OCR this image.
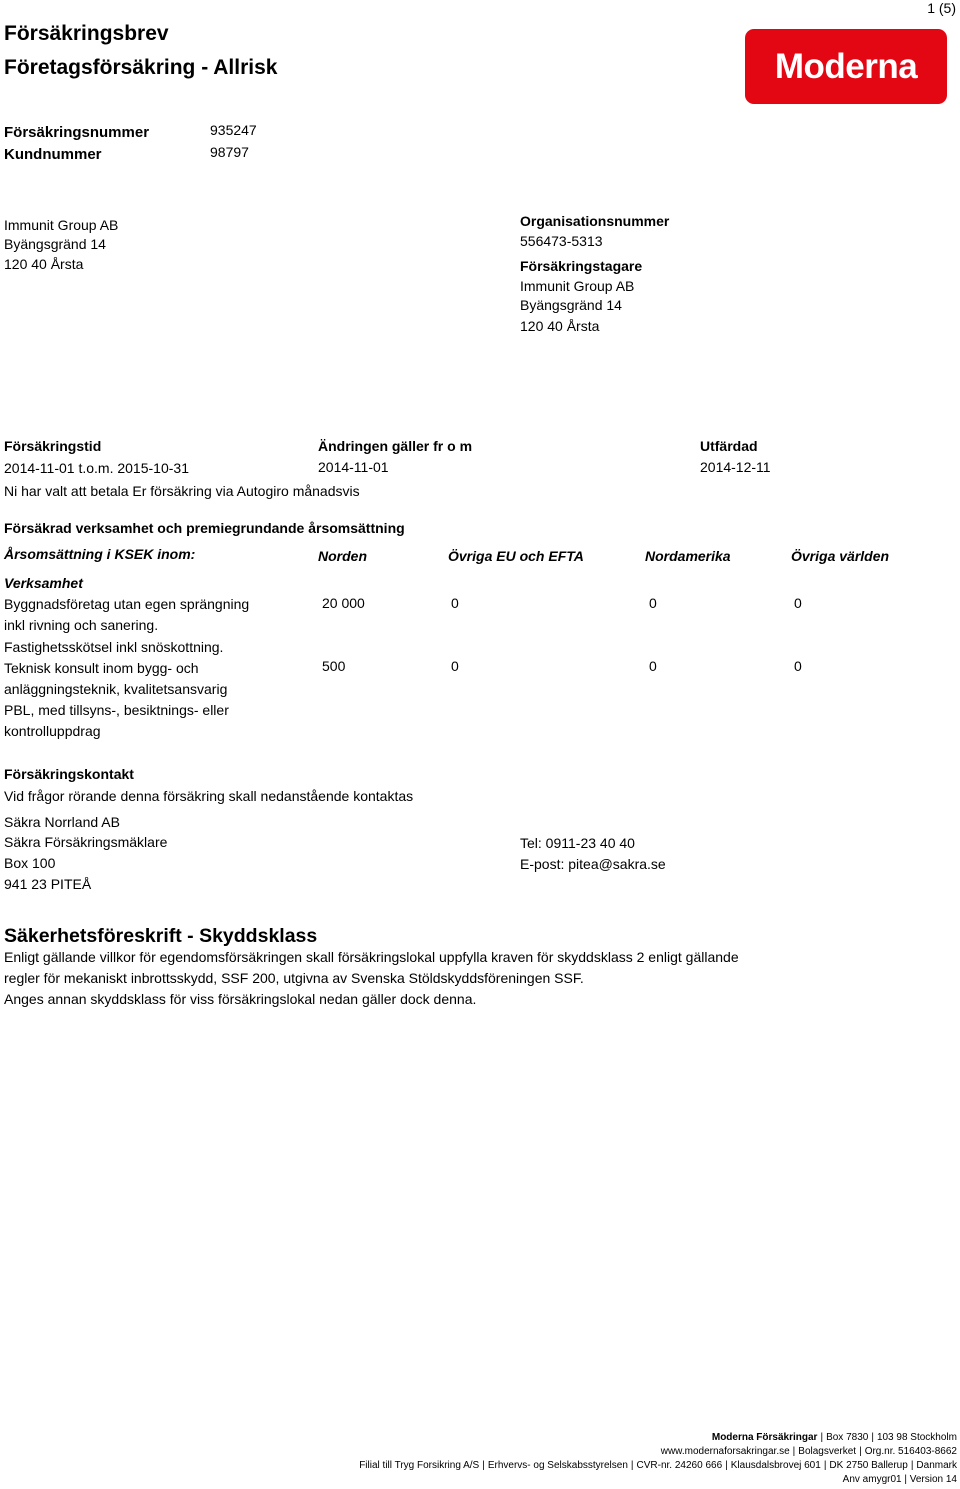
1 (5)
Försäkringsbrev
Företagsförsäkring - Allrisk	Moderna
Försäkringsnummer	935247
Kundnummer	98797
Immunit Group AB
Byängsgränd 14
120 40 Årsta
Organisationsnummer
556473-5313
Försäkringstagare
Immunit Group AB
Byängsgränd 14
120 40 Årsta
Försäkringstid
2014-11-01 t.o.m. 2015-10-31
Ändringen gäller fr o m
2014-11-01
Utfärdad
2014-12-11
Ni har valt att betala Er försäkring via Autogiro månadsvis
Försäkrad verksamhet och premiegrundande årsomsättning
Årsomsättning i KSEK inom:	Norden	Övriga EU och EFTA	Nordamerika	Övriga världen
Verksamhet
Byggnadsföretag utan egen sprängning
inkl rivning och sanering.
20 000	0	0	0
Fastighetsskötsel inkl snöskottning.
Teknisk konsult inom bygg- och
anläggningsteknik, kvalitetsansvarig
PBL, med tillsyns-, besiktnings- eller
kontrolluppdrag
500	0	0	0
Försäkringskontakt
Vid frågor rörande denna försäkring skall nedanstående kontaktas
Säkra Norrland AB
Säkra Försäkringsmäklare
Box 100
941 23 PITEÅ
Tel: 0911-23 40 40
E-post: pitea@sakra.se
Säkerhetsföreskrift - Skyddsklass
Enligt gällande villkor för egendomsförsäkringen skall försäkringslokal uppfylla kraven för skyddsklass 2 enligt gällande
regler för mekaniskt inbrottsskydd, SSF 200, utgivna av Svenska Stöldskyddsföreningen SSF.
Anges annan skyddsklass för viss försäkringslokal nedan gäller dock denna.
Moderna Försäkringar | Box 7830 | 103 98 Stockholm
www.modernaforsakringar.se | Bolagsverket | Org.nr. 516403-8662
Filial till Tryg Forsikring A/S | Erhvervs- og Selskabsstyrelsen | CVR-nr. 24260 666 | Klausdalsbrovej 601 | DK 2750 Ballerup | Danmark
Anv amygr01 | Version 14
